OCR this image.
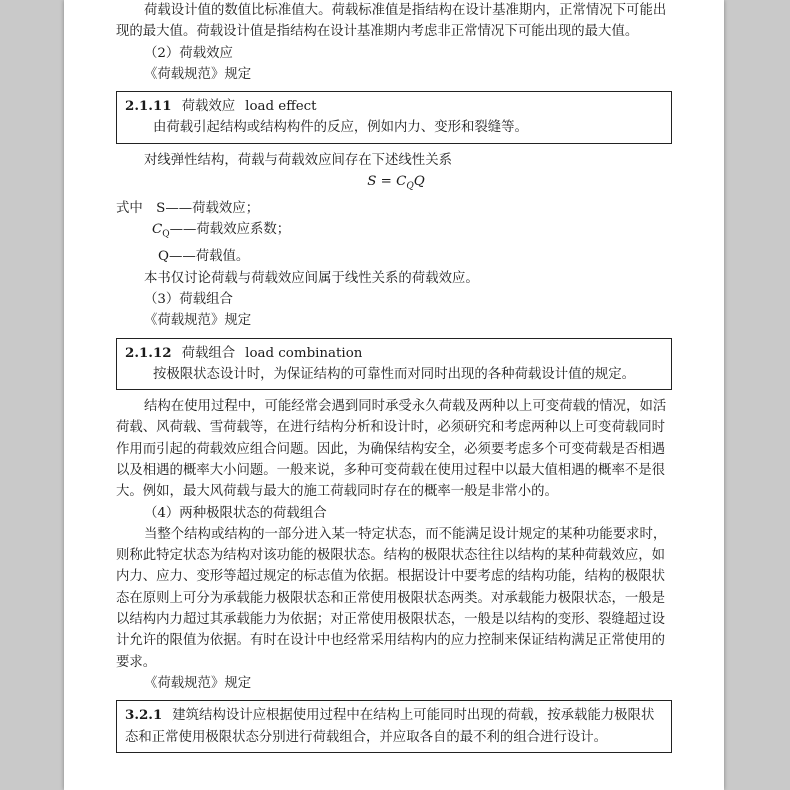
荷载设计值的数值比标准值大。荷载标准值是指结构在设计基准期内，正常情况下可能出现的最大值。荷载设计值是指结构在设计基准期内考虑非正常情况下可能出现的最大值。

（2）荷载效应

《荷载规范》规定

2.1.11 荷载效应 load effect

由荷载引起结构或结构构件的反应，例如内力、变形和裂缝等。

对线弹性结构，荷载与荷载效应间存在下述线性关系

$S = C_QQ$

式中　S——荷载效应；

$C_Q——$荷载效应系数；

Q——荷载值。

本书仅讨论荷载与荷载效应间属于线性关系的荷载效应。

（3）荷载组合

《荷载规范》规定

2.1.12 荷载组合 load combination

按极限状态设计时，为保证结构的可靠性而对同时出现的各种荷载设计值的规定。

结构在使用过程中，可能经常会遇到同时承受永久荷载及两种以上可变荷载的情况，如活荷载、风荷载、雪荷载等，在进行结构分析和设计时，必须研究和考虑两种以上可变荷载同时作用而引起的荷载效应组合问题。因此，为确保结构安全，必须要考虑多个可变荷载是否相遇以及相遇的概率大小问题。一般来说，多种可变荷载在使用过程中以最大值相遇的概率不是很大。例如，最大风荷载与最大的施工荷载同时存在的概率一般是非常小的。

（4）两种极限状态的荷载组合

当整个结构或结构的一部分进入某一特定状态，而不能满足设计规定的某种功能要求时，则称此特定状态为结构对该功能的极限状态。结构的极限状态往往以结构的某种荷载效应，如内力、应力、变形等超过规定的标志值为依据。根据设计中要考虑的结构功能，结构的极限状态在原则上可分为承载能力极限状态和正常使用极限状态两类。对承载能力极限状态，一般是以结构内力超过其承载能力为依据；对正常使用极限状态，一般是以结构的变形、裂缝超过设计允许的限值为依据。有时在设计中也经常采用结构内的应力控制来保证结构满足正常使用的要求。

《荷载规范》规定

3.2.1 建筑结构设计应根据使用过程中在结构上可能同时出现的荷载，按承载能力极限状态和正常使用极限状态分别进行荷载组合，并应取各自的最不利的组合进行设计。
